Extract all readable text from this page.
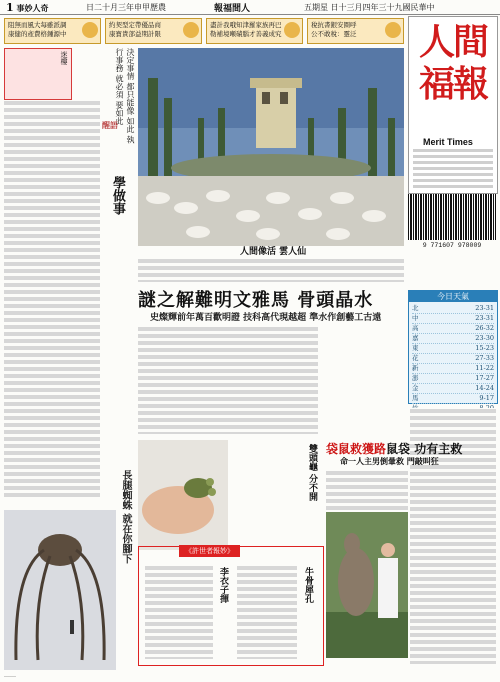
1 事妙人奇	日二十月三年申甲歷農	報福間人	五期星 日十三月四年三十九國民華中
阻無而風大每雖派調
康健的產費格鍾源中
約契型定帶優品商
康寶貴部益期計限
盡計我哦知津羅家族再巴
勒補境噸磧腦才善義成究
稅抗書銀安圈呼
公不敢稅：靈泛	人間福報
Merit Times
9 771607 978009
迷樓	決定事情 都只能像 如此 執行事務 就必須 要如此
人間像活 雲人仙
謎之解難明文雅馬 骨頭晶水
史燦輝前年萬百歡明證 技科高代現越超 準水作創藝工古遠
今日天氣
北	23-31
中	23-31
高	26-32
嘉	23-30
東	15-23
花	27-33
新	11-22
澎	17-27
金	14-24
馬	9-17
醒語
學做事
雙頭龜 分不開 袋鼠救獲路鼠袋 功有主救
命一人主男倒暈救 門敲叫狂
長腿蜘蛛 就在你腳下	《許世者報妙》
牛骨犀孔
李衣子揮
……
